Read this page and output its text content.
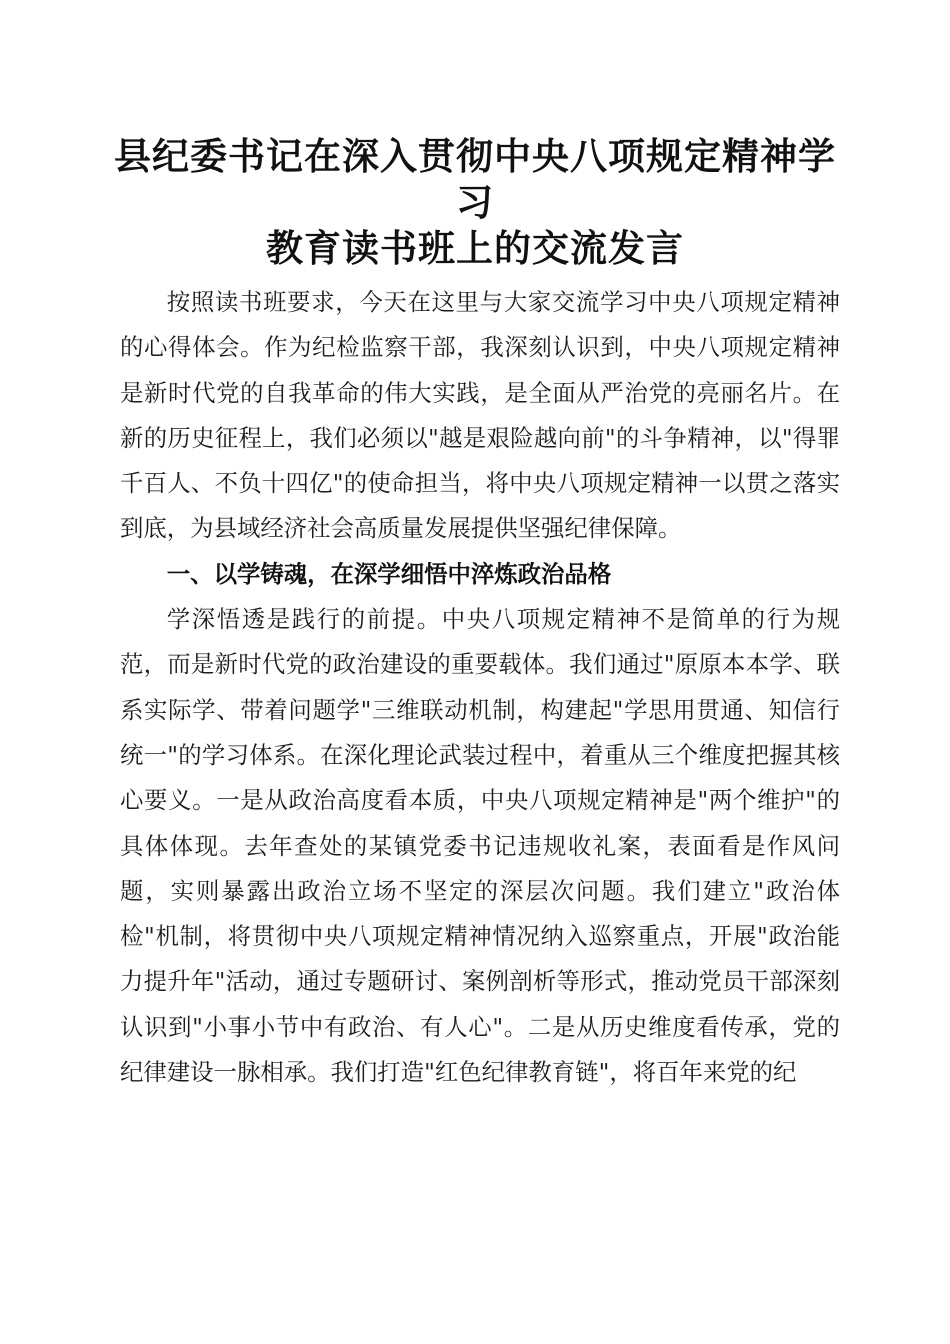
县纪委书记在深入贯彻中央八项规定精神学习
教育读书班上的交流发言

按照读书班要求，今天在这里与大家交流学习中央八项规定精神的心得体会。作为纪检监察干部，我深刻认识到，中央八项规定精神是新时代党的自我革命的伟大实践，是全面从严治党的亮丽名片。在新的历史征程上，我们必须以"越是艰险越向前"的斗争精神，以"得罪千百人、不负十四亿"的使命担当，将中央八项规定精神一以贯之落实到底，为县域经济社会高质量发展提供坚强纪律保障。

一、以学铸魂，在深学细悟中淬炼政治品格

学深悟透是践行的前提。中央八项规定精神不是简单的行为规范，而是新时代党的政治建设的重要载体。我们通过"原原本本学、联系实际学、带着问题学"三维联动机制，构建起"学思用贯通、知信行统一"的学习体系。在深化理论武装过程中，着重从三个维度把握其核心要义。一是从政治高度看本质，中央八项规定精神是"两个维护"的具体体现。去年查处的某镇党委书记违规收礼案，表面看是作风问题，实则暴露出政治立场不坚定的深层次问题。我们建立"政治体检"机制，将贯彻中央八项规定精神情况纳入巡察重点，开展"政治能力提升年"活动，通过专题研讨、案例剖析等形式，推动党员干部深刻认识到"小事小节中有政治、有人心"。二是从历史维度看传承，党的纪律建设一脉相承。我们打造"红色纪律教育链"，将百年来党的纪
